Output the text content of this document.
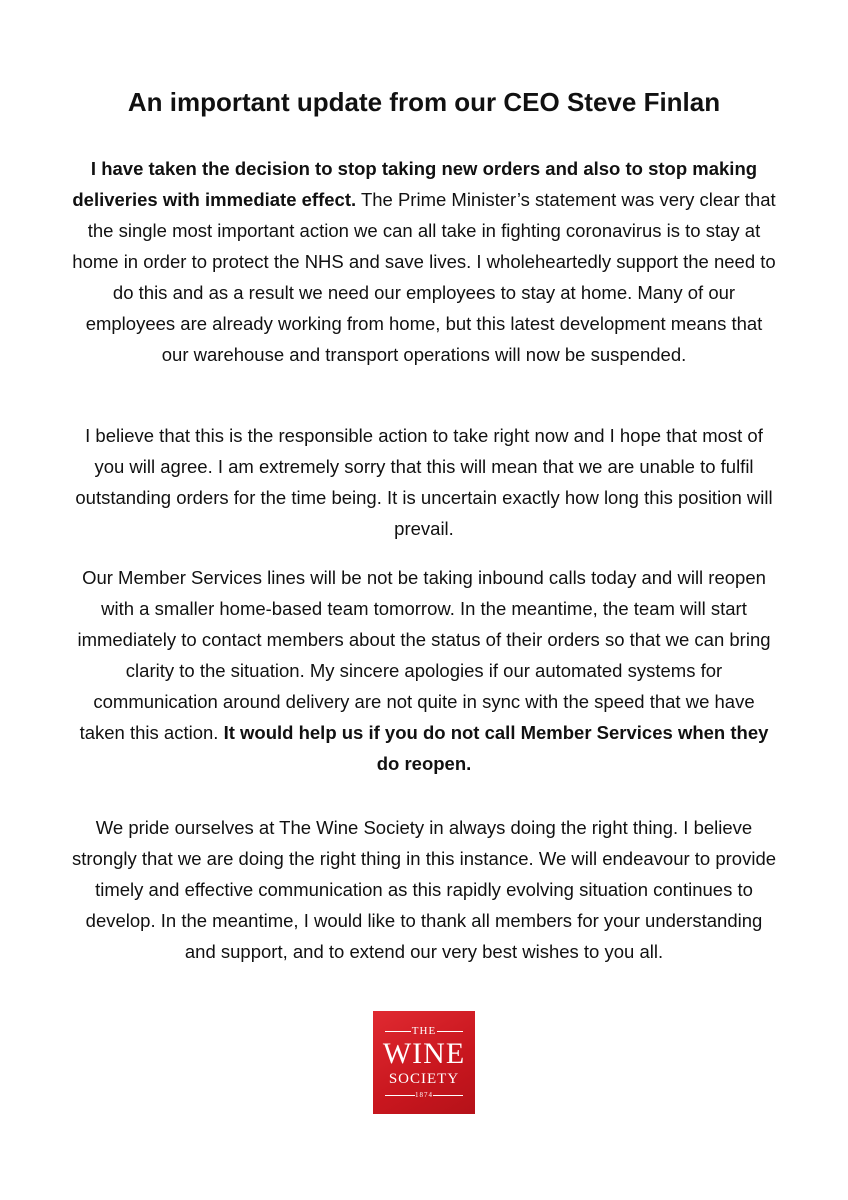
An important update from our CEO Steve Finlan

I have taken the decision to stop taking new orders and also to stop making deliveries with immediate effect. The Prime Minister’s statement was very clear that the single most important action we can all take in fighting coronavirus is to stay at home in order to protect the NHS and save lives. I wholeheartedly support the need to do this and as a result we need our employees to stay at home. Many of our employees are already working from home, but this latest development means that our warehouse and transport operations will now be suspended.

I believe that this is the responsible action to take right now and I hope that most of you will agree. I am extremely sorry that this will mean that we are unable to fulfil outstanding orders for the time being. It is uncertain exactly how long this position will prevail.

Our Member Services lines will be not be taking inbound calls today and will reopen with a smaller home-based team tomorrow. In the meantime, the team will start immediately to contact members about the status of their orders so that we can bring clarity to the situation. My sincere apologies if our automated systems for communication around delivery are not quite in sync with the speed that we have taken this action. It would help us if you do not call Member Services when they do reopen.

We pride ourselves at The Wine Society in always doing the right thing. I believe strongly that we are doing the right thing in this instance. We will endeavour to provide timely and effective communication as this rapidly evolving situation continues to develop. In the meantime, I would like to thank all members for your understanding and support, and to extend our very best wishes to you all.

THE
WINE
SOCIETY
1874
